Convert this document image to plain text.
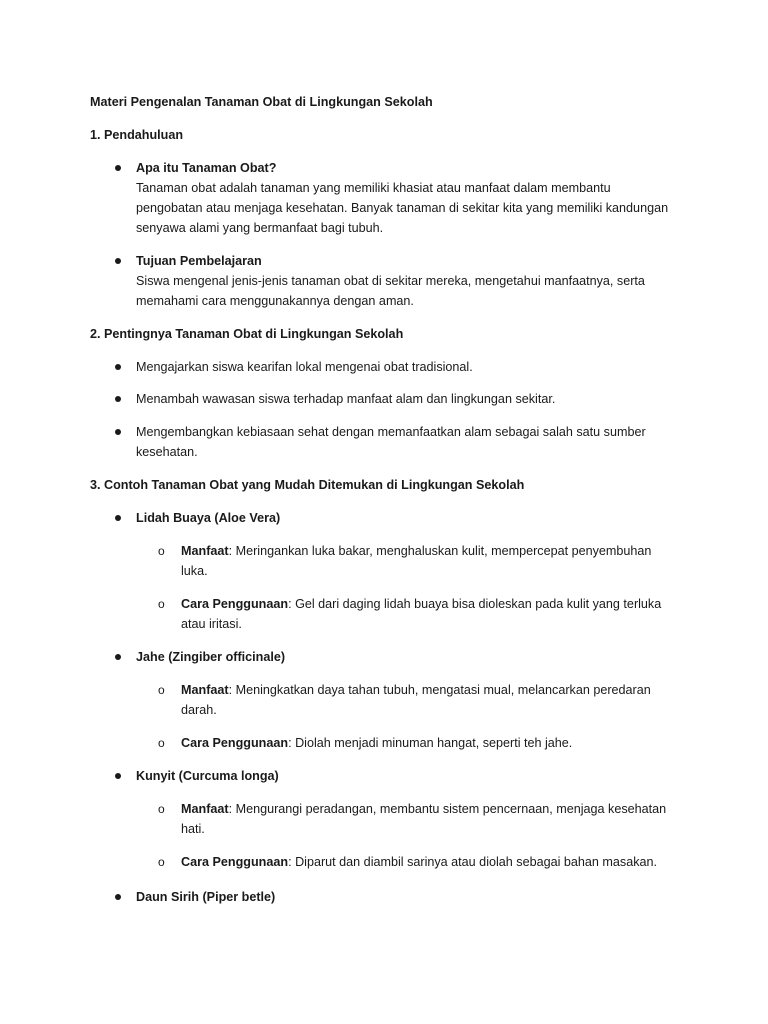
Materi Pengenalan Tanaman Obat di Lingkungan Sekolah
1. Pendahuluan
Apa itu Tanaman Obat?
Tanaman obat adalah tanaman yang memiliki khasiat atau manfaat dalam membantu
pengobatan atau menjaga kesehatan. Banyak tanaman di sekitar kita yang memiliki kandungan
senyawa alami yang bermanfaat bagi tubuh.
Tujuan Pembelajaran
Siswa mengenal jenis-jenis tanaman obat di sekitar mereka, mengetahui manfaatnya, serta
memahami cara menggunakannya dengan aman.
2. Pentingnya Tanaman Obat di Lingkungan Sekolah
Mengajarkan siswa kearifan lokal mengenai obat tradisional.
Menambah wawasan siswa terhadap manfaat alam dan lingkungan sekitar.
Mengembangkan kebiasaan sehat dengan memanfaatkan alam sebagai salah satu sumber
kesehatan.
3. Contoh Tanaman Obat yang Mudah Ditemukan di Lingkungan Sekolah
Lidah Buaya (Aloe Vera)
o Manfaat: Meringankan luka bakar, menghaluskan kulit, mempercepat penyembuhan
luka.
o Cara Penggunaan: Gel dari daging lidah buaya bisa dioleskan pada kulit yang terluka
atau iritasi.
Jahe (Zingiber officinale)
o Manfaat: Meningkatkan daya tahan tubuh, mengatasi mual, melancarkan peredaran
darah.
o Cara Penggunaan: Diolah menjadi minuman hangat, seperti teh jahe.
Kunyit (Curcuma longa)
o Manfaat: Mengurangi peradangan, membantu sistem pencernaan, menjaga kesehatan
hati.
o Cara Penggunaan: Diparut dan diambil sarinya atau diolah sebagai bahan masakan.
Daun Sirih (Piper betle)
